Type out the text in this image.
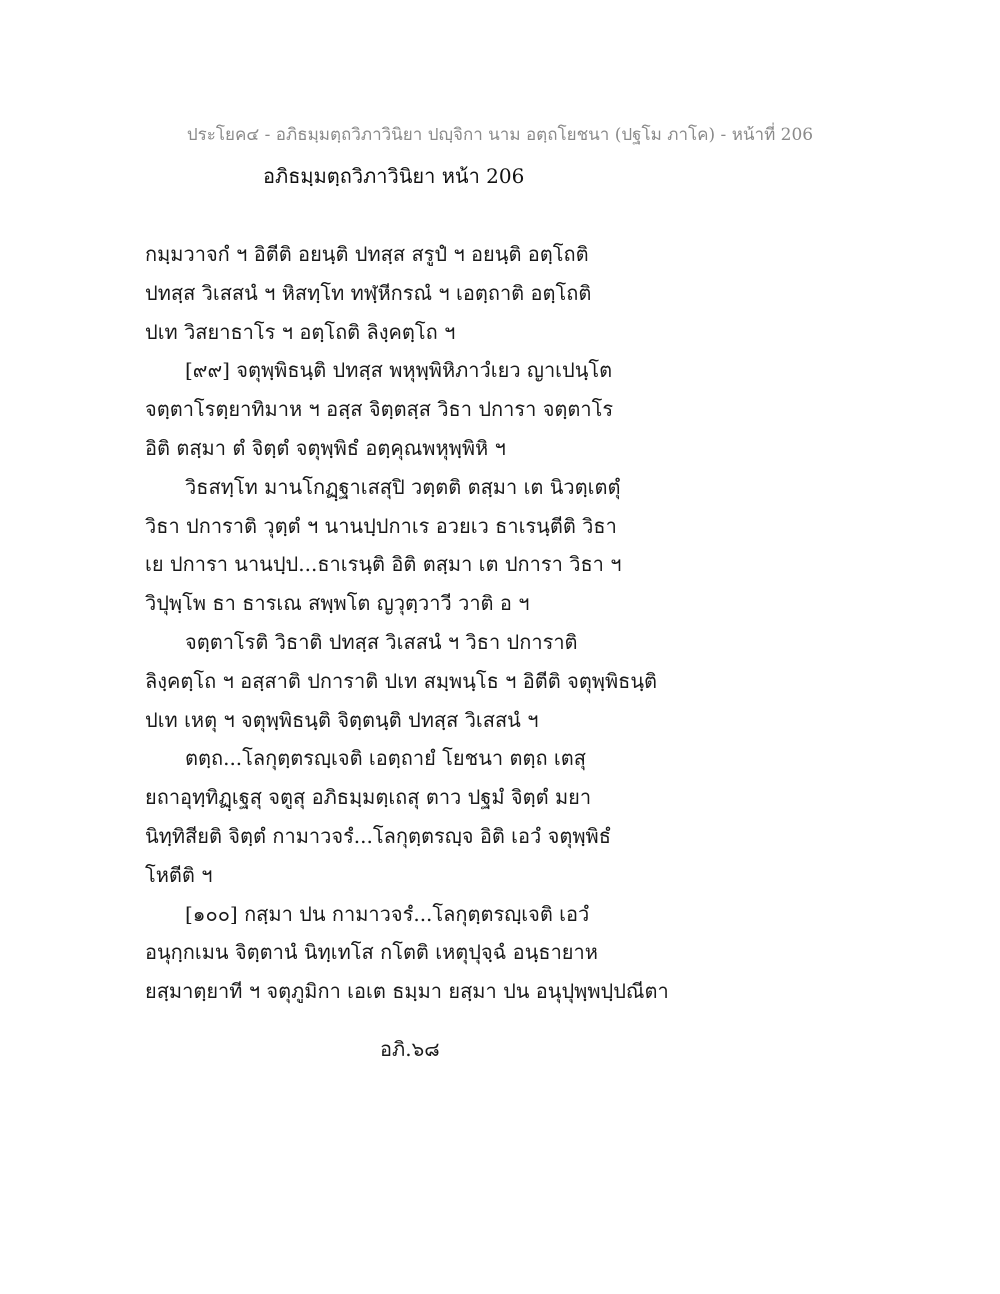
ประโยค๔ - อภิธมฺมตฺถวิภาวินิยา ปญฺจิกา นาม อตฺถโยชนา (ปฐโม ภาโค) - หน้าที่ 206
อภิธมฺมตฺถวิภาวินิยา หน้า 206
กมฺมวาจกํ ฯ อิตีติ อยนฺติ ปทสฺส สรูปํ ฯ อยนฺติ อตฺโถติ
ปทสฺส วิเสสนํ ฯ หิสทฺโท ทฬฺหีกรณํ ฯ เอตฺถาติ อตฺโถติ
ปเท วิสยาธาโร ฯ อตฺโถติ ลิงฺคตฺโถ ฯ
[๙๙] จตุพฺพิธนฺติ ปทสฺส พหุพฺพิหิภาวํเยว ญาเปนฺโต
จตฺตาโรตฺยาทิมาห ฯ อสฺส จิตฺตสฺส วิธา ปการา จตฺตาโร
อิติ ตสฺมา ตํ จิตฺตํ จตุพฺพิธํ อตฺคุณพหุพฺพิหิ ฯ
วิธสทฺโท มานโกฏฺฐาเสสุปิ วตฺตติ ตสฺมา เต นิวตฺเตตุํ
วิธา ปการาติ วุตฺตํ ฯ นานปฺปกาเร อวยเว ธาเรนฺตีติ วิธา
เย ปการา นานปฺป...ธาเรนฺติ อิติ ตสฺมา เต ปการา วิธา ฯ
วิปุพฺโพ ธา ธารเณ สพฺพโต ญวุตฺวาวี วาติ อ ฯ
จตฺตาโรติ วิธาติ ปทสฺส วิเสสนํ ฯ วิธา ปการาติ
ลิงฺคตฺโถ ฯ อสฺสาติ ปการาติ ปเท สมฺพนฺโธ ฯ อิตีติ จตุพฺพิธนฺติ
ปเท เหตุ ฯ จตุพฺพิธนฺติ จิตฺตนฺติ ปทสฺส วิเสสนํ ฯ
ตตฺถ...โลกุตฺตรญฺเจติ เอตฺถายํ โยชนา ตตฺถ เตสุ
ยถาอุทฺทิฏฺเฐสุ จตูสุ อภิธมฺมตฺเถสุ ตาว ปฐมํ จิตฺตํ มยา
นิทฺทิสียติ จิตฺตํ กามาวจรํ...โลกุตฺตรญฺจ อิติ เอวํ จตุพฺพิธํ
โหตีติ ฯ
[๑๐๐] กสฺมา ปน กามาวจรํ...โลกุตฺตรญฺเจติ เอวํ
อนุกฺกเมน จิตฺตานํ นิทฺเทโส กโตติ เหตุปุจฺฉํ อนฺธายาห
ยสฺมาตฺยาที ฯ จตุภูมิกา เอเต ธมฺมา ยสฺมา ปน อนุปุพฺพปฺปณีตา
อภิ.๖๘
